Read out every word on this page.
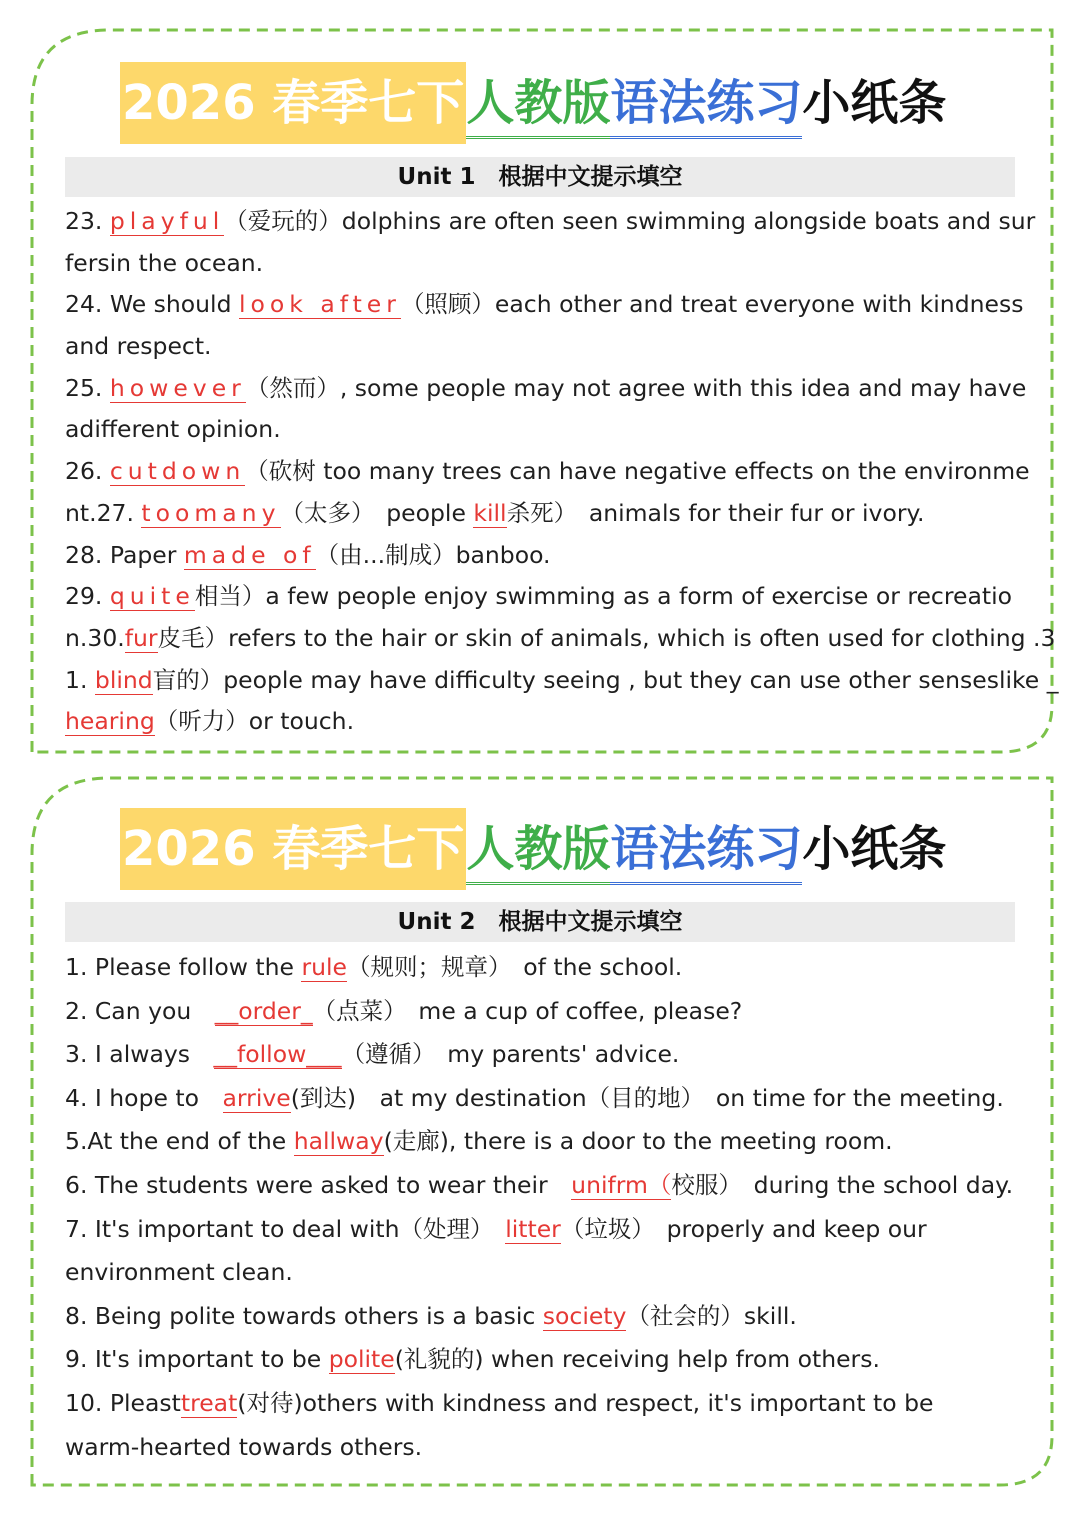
2026 春季七下人教版语法练习小纸条
Unit 1　根据中文提示填空
23. playful（爱玩的）dolphins are often seen swimming alongside boats and sur
fersin the ocean.
24. We should look after（照顾）each other and treat everyone with kindness
and respect.
25. however（然而）, some people may not agree with this idea and may have
adifferent opinion.
26. cutdown（砍树 too many trees can have negative effects on the environme
nt.27. toomany（太多）　people kill杀死）　animals for their fur or ivory.
28. Paper made of（由...制成）banboo.
29. quite相当）a few people enjoy swimming as a form of exercise or recreatio
n.30.fur皮毛）refers to the hair or skin of animals, which is often used for clothing .3
1. blind盲的）people may have difficulty seeing , but they can use other senseslike _
hearing（听力）or touch.
2026 春季七下人教版语法练习小纸条
Unit 2　根据中文提示填空
1. Please follow the rule（规则；规章）　of the school.
2. Can you　__order_（点菜）　me a cup of coffee, please?
3. I always　__follow___（遵循）　my parents' advice.
4. I hope to　arrive(到达)　at my destination（目的地）　on time for the meeting.
5.At the end of the hallway(走廊), there is a door to the meeting room.
6. The students were asked to wear their　unifrm（校服）　during the school day.
7. It's important to deal with（处理）　litter（垃圾）　properly and keep our
environment clean.
8. Being polite towards others is a basic society（社会的）skill.
9. It's important to be polite(礼貌的) when receiving help from others.
10. Pleasttreat(对待)others with kindness and respect, it's important to be
warm-hearted towards others.
